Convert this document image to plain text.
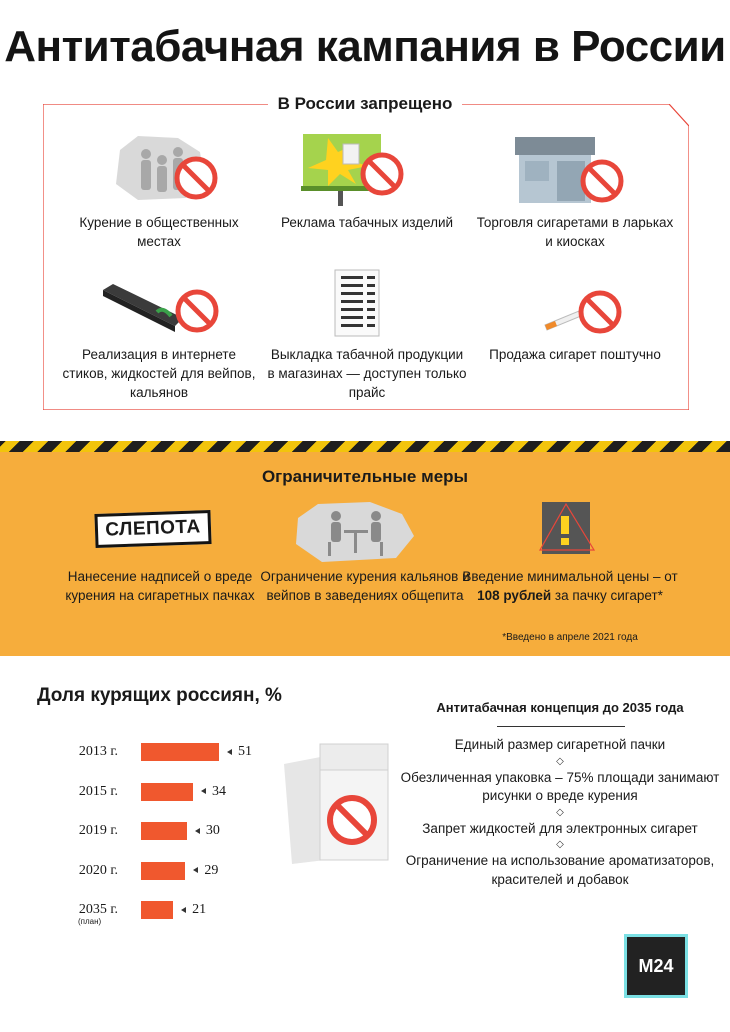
Антитабачная кампания в России
В России запрещено
Курение в общественных местах
Реклама табачных изделий	Торговля сигаретами в ларьках и киосках
Реализация в интернете стиков, жидкостей для вейпов, кальянов
Выкладка табачной продукции в магазинах — доступен только прайс
Продажа сигарет поштучно
Ограничительные меры
СЛЕПОТА
Нанесение надписей о вреде курения на сигаретных пачках
Ограничение курения кальянов и вейпов в заведениях общепита
Введение минимальной цены – от 108 рублей за пачку сигарет*
*Введено в апреле 2021 года
Доля курящих россиян, %
2013 г.	51
2015 г.	34
2019 г.	30
2020 г.	29
2035 г.	21
(план)
Антитабачная концепция до 2035 года
Единый размер сигаретной пачки
◇
Обезличенная упаковка – 75% площади занимают рисунки о вреде курения
◇
Запрет жидкостей для электронных сигарет
◇
Ограничение на использование ароматизаторов, красителей и добавок
М24
